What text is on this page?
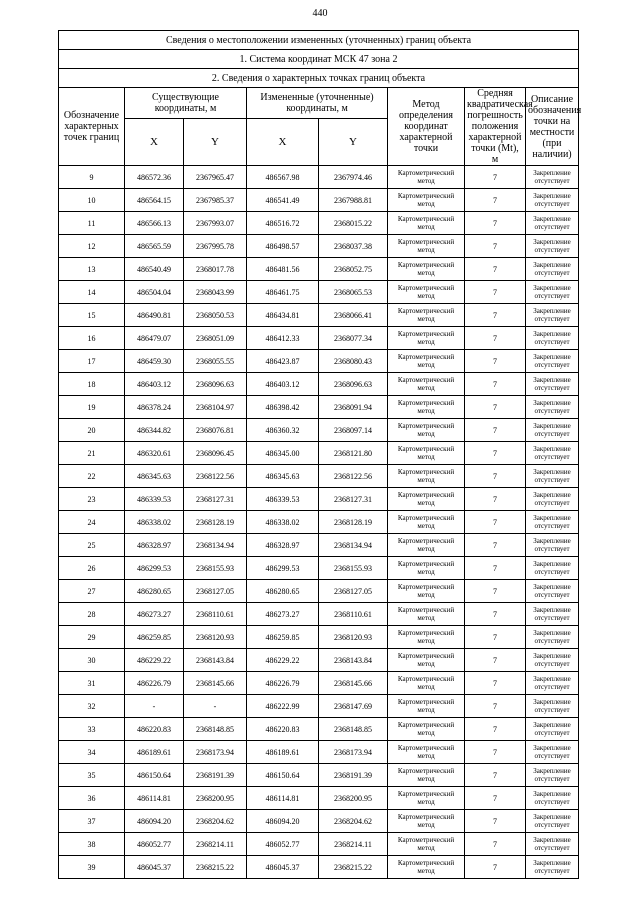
440
Сведения о местоположении измененных (уточненных) границ объекта							
1. Система координат МСК 47 зона 2							
2. Сведения о характерных точках границ объекта							
Обозначение характерных точек границ	Существующие координаты, м		Измененные (уточненные) координаты, м		Метод определения координат характерной точки	Средняя квадратическая погрешность положения характерной точки (Mt), м	Описание обозначения точки на местности (при наличии)
	X	Y	X	Y			
9	486572.36	2367965.47	486567.98	2367974.46	Картометрический метод	7	Закрепление отсутствует
10	486564.15	2367985.37	486541.49	2367988.81	Картометрический метод	7	Закрепление отсутствует
11	486566.13	2367993.07	486516.72	2368015.22	Картометрический метод	7	Закрепление отсутствует
12	486565.59	2367995.78	486498.57	2368037.38	Картометрический метод	7	Закрепление отсутствует
13	486540.49	2368017.78	486481.56	2368052.75	Картометрический метод	7	Закрепление отсутствует
14	486504.04	2368043.99	486461.75	2368065.53	Картометрический метод	7	Закрепление отсутствует
15	486490.81	2368050.53	486434.81	2368066.41	Картометрический метод	7	Закрепление отсутствует
16	486479.07	2368051.09	486412.33	2368077.34	Картометрический метод	7	Закрепление отсутствует
17	486459.30	2368055.55	486423.87	2368080.43	Картометрический метод	7	Закрепление отсутствует
18	486403.12	2368096.63	486403.12	2368096.63	Картометрический метод	7	Закрепление отсутствует
19	486378.24	2368104.97	486398.42	2368091.94	Картометрический метод	7	Закрепление отсутствует
20	486344.82	2368076.81	486360.32	2368097.14	Картометрический метод	7	Закрепление отсутствует
21	486320.61	2368096.45	486345.00	2368121.80	Картометрический метод	7	Закрепление отсутствует
22	486345.63	2368122.56	486345.63	2368122.56	Картометрический метод	7	Закрепление отсутствует
23	486339.53	2368127.31	486339.53	2368127.31	Картометрический метод	7	Закрепление отсутствует
24	486338.02	2368128.19	486338.02	2368128.19	Картометрический метод	7	Закрепление отсутствует
25	486328.97	2368134.94	486328.97	2368134.94	Картометрический метод	7	Закрепление отсутствует
26	486299.53	2368155.93	486299.53	2368155.93	Картометрический метод	7	Закрепление отсутствует
27	486280.65	2368127.05	486280.65	2368127.05	Картометрический метод	7	Закрепление отсутствует
28	486273.27	2368110.61	486273.27	2368110.61	Картометрический метод	7	Закрепление отсутствует
29	486259.85	2368120.93	486259.85	2368120.93	Картометрический метод	7	Закрепление отсутствует
30	486229.22	2368143.84	486229.22	2368143.84	Картометрический метод	7	Закрепление отсутствует
31	486226.79	2368145.66	486226.79	2368145.66	Картометрический метод	7	Закрепление отсутствует
32	-	-	486222.99	2368147.69	Картометрический метод	7	Закрепление отсутствует
33	486220.83	2368148.85	486220.83	2368148.85	Картометрический метод	7	Закрепление отсутствует
34	486189.61	2368173.94	486189.61	2368173.94	Картометрический метод	7	Закрепление отсутствует
35	486150.64	2368191.39	486150.64	2368191.39	Картометрический метод	7	Закрепление отсутствует
36	486114.81	2368200.95	486114.81	2368200.95	Картометрический метод	7	Закрепление отсутствует
37	486094.20	2368204.62	486094.20	2368204.62	Картометрический метод	7	Закрепление отсутствует
38	486052.77	2368214.11	486052.77	2368214.11	Картометрический метод	7	Закрепление отсутствует
39	486045.37	2368215.22	486045.37	2368215.22	Картометрический метод	7	Закрепление отсутствует
